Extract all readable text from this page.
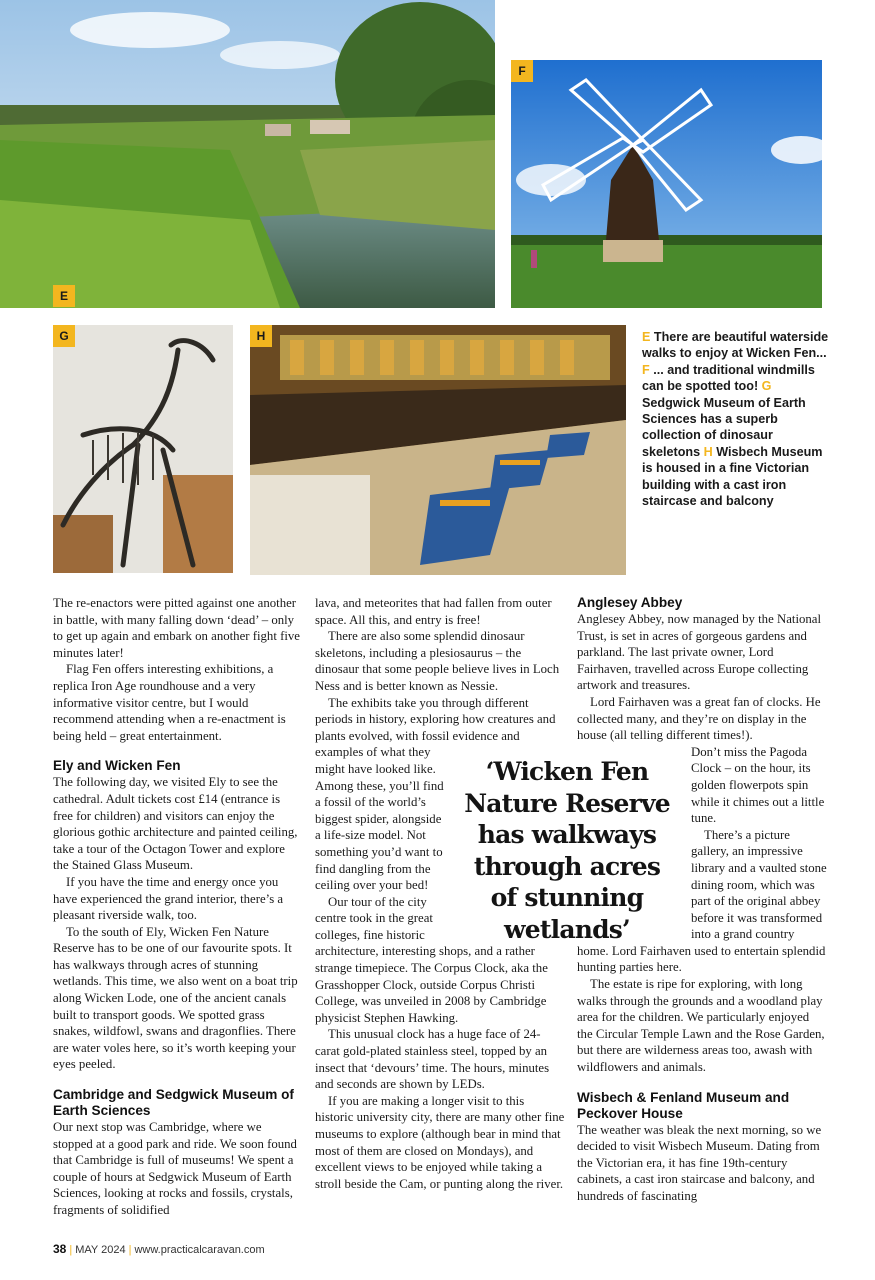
E
F
G	H	E There are beautiful waterside walks to enjoy at Wicken Fen... F ... and traditional windmills can be spotted too! G Sedgwick Museum of Earth Sciences has a superb collection of dinosaur skeletons H Wisbech Museum is housed in a fine Victorian building with a cast iron staircase and balcony

The re-enactors were pitted against one another in battle, with many falling down ‘dead’ – only to get up again and embark on another fight five minutes later!

Flag Fen offers interesting exhibitions, a replica Iron Age roundhouse and a very informative visitor centre, but I would recommend attending when a re-enactment is being held – great entertainment.

Ely and Wicken Fen

The following day, we visited Ely to see the cathedral. Adult tickets cost £14 (entrance is free for children) and visitors can enjoy the glorious gothic architecture and painted ceiling, take a tour of the Octagon Tower and explore the Stained Glass Museum.

If you have the time and energy once you have experienced the grand interior, there’s a pleasant riverside walk, too.

To the south of Ely, Wicken Fen Nature Reserve has to be one of our favourite spots. It has walkways through acres of stunning wetlands. This time, we also went on a boat trip along Wicken Lode, one of the ancient canals built to transport goods. We spotted grass snakes, wildfowl, swans and dragonflies. There are water voles here, so it’s worth keeping your eyes peeled.

Cambridge and Sedgwick Museum of Earth Sciences

Our next stop was Cambridge, where we stopped at a good park and ride. We soon found that Cambridge is full of museums! We spent a couple of hours at Sedgwick Museum of Earth Sciences, looking at rocks and fossils, crystals, fragments of solidified

lava, and meteorites that had fallen from outer space. All this, and entry is free!

There are also some splendid dinosaur skeletons, including a plesiosaurus – the dinosaur that some people believe lives in Loch Ness and is better known as Nessie.

The exhibits take you through different periods in history, exploring how creatures and plants evolved, with fossil evidence and

examples of what they might have looked like. Among these, you’ll find a fossil of the world’s biggest spider, alongside a life-size model. Not something you’d want to find dangling from the ceiling over your bed!

Our tour of the city centre took in the great colleges, fine historic

architecture, interesting shops, and a rather strange timepiece. The Corpus Clock, aka the Grasshopper Clock, outside Corpus Christi College, was unveiled in 2008 by Cambridge physicist Stephen Hawking.

This unusual clock has a huge face of 24-carat gold-plated stainless steel, topped by an insect that ‘devours’ time. The hours, minutes and seconds are shown by LEDs.

If you are making a longer visit to this historic university city, there are many other fine museums to explore (although bear in mind that most of them are closed on Mondays), and excellent views to be enjoyed while taking a stroll beside the Cam, or punting along the river.

‘Wicken Fen Nature Reserve has walkways through acres of stunning wetlands’
Anglesey Abbey

Anglesey Abbey, now managed by the National Trust, is set in acres of gorgeous gardens and parkland. The last private owner, Lord Fairhaven, travelled across Europe collecting artwork and treasures.

Lord Fairhaven was a great fan of clocks. He collected many, and they’re on display in the house (all telling different times!).

Don’t miss the Pagoda Clock – on the hour, its golden flowerpots spin while it chimes out a little tune.

There’s a picture gallery, an impressive library and a vaulted stone dining room, which was part of the original abbey before it was transformed into a grand country

home. Lord Fairhaven used to entertain splendid hunting parties here.

The estate is ripe for exploring, with long walks through the grounds and a woodland play area for the children. We particularly enjoyed the Circular Temple Lawn and the Rose Garden, but there are wilderness areas too, awash with wildflowers and animals.

Wisbech & Fenland Museum and Peckover House

The weather was bleak the next morning, so we decided to visit Wisbech Museum. Dating from the Victorian era, it has fine 19th-century cabinets, a cast iron staircase and balcony, and hundreds of fascinating

38 | MAY 2024 | www.practicalcaravan.com
